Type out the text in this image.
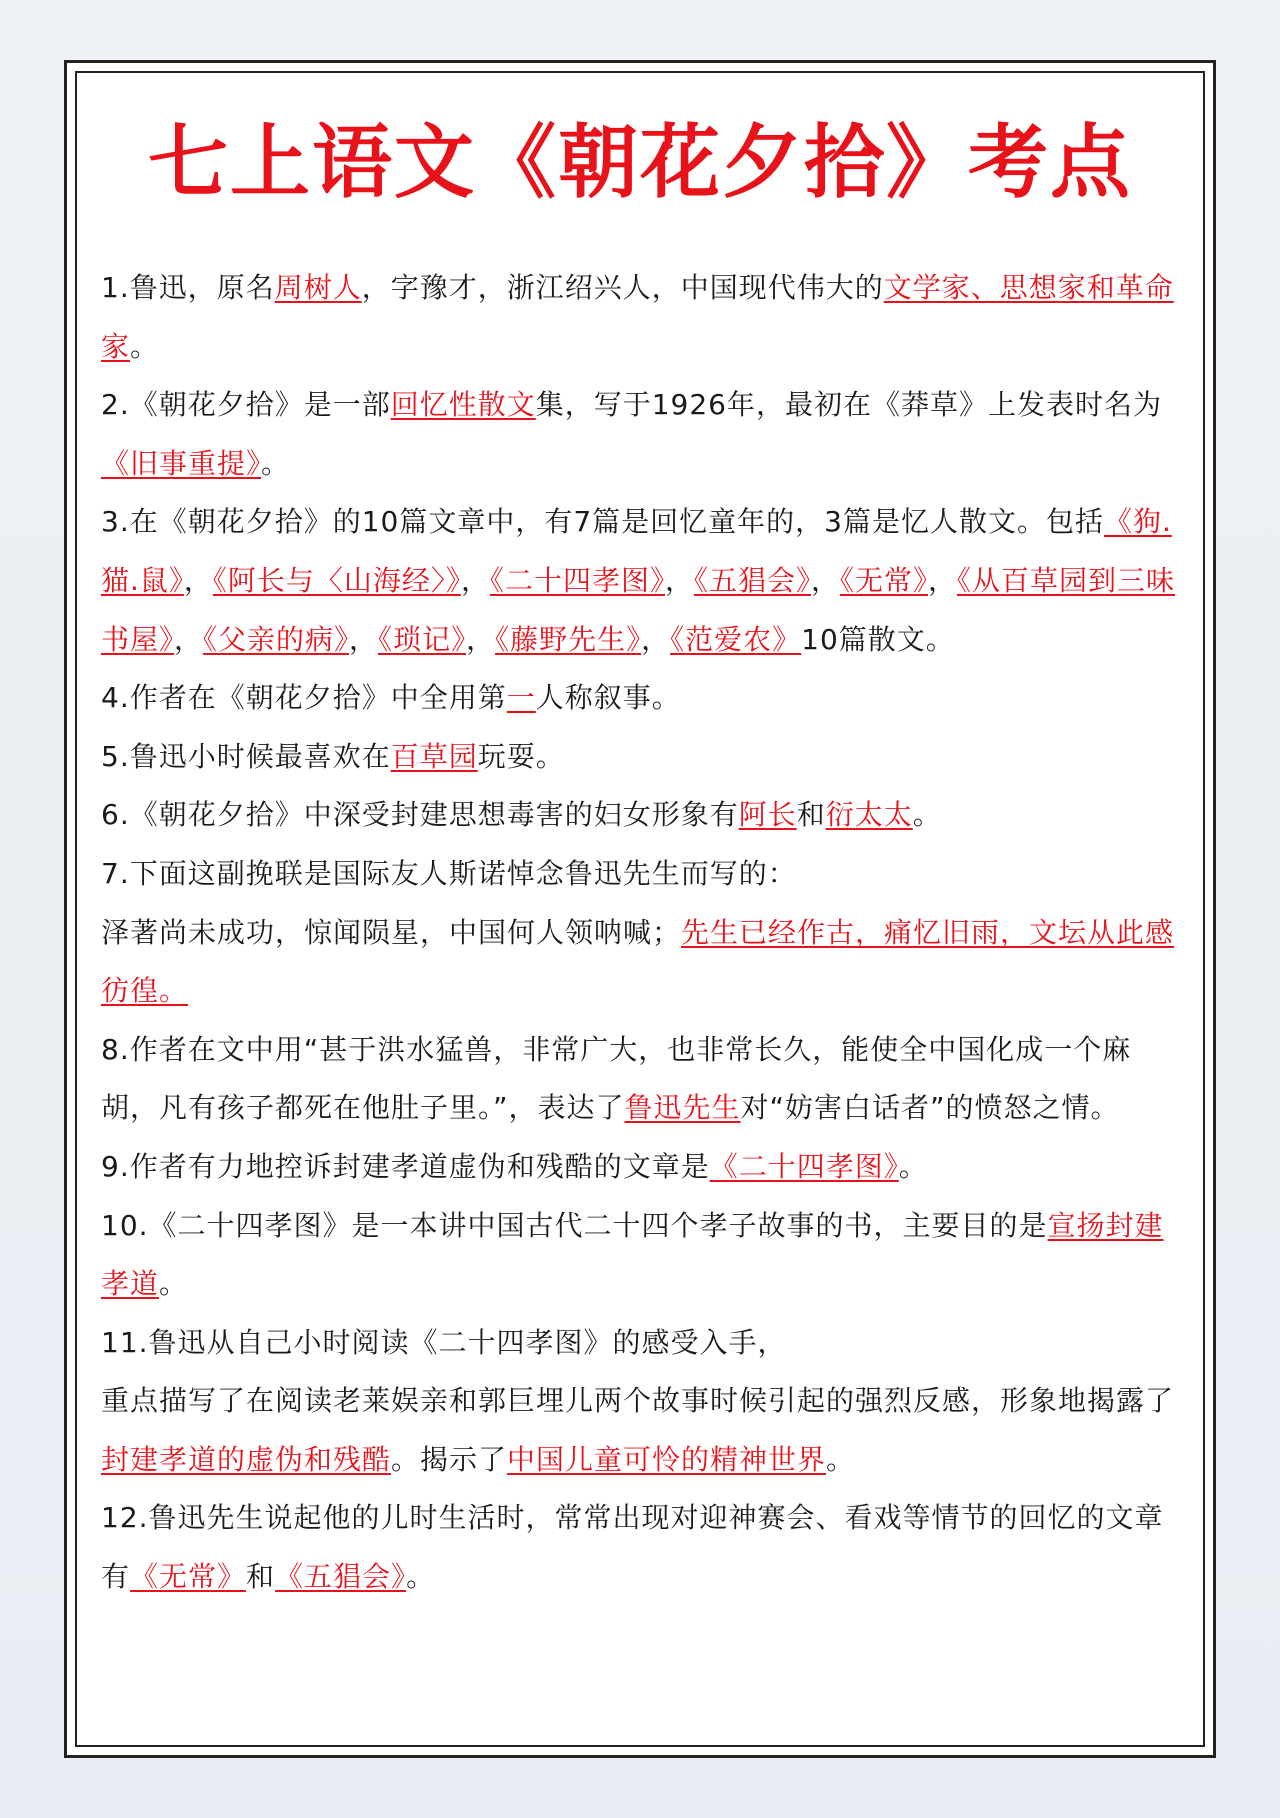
七上语文《朝花夕拾》考点

1.鲁迅，原名周树人，字豫才，浙江绍兴人，中国现代伟大的文学家、思想家和革命家。

2.《朝花夕拾》是一部回忆性散文集，写于1926年，最初在《莽草》上发表时名为《旧事重提》。

3.在《朝花夕拾》的10篇文章中，有7篇是回忆童年的，3篇是忆人散文。包括《狗.猫.鼠》，《阿长与〈山海经〉》，《二十四孝图》，《五猖会》，《无常》，《从百草园到三味书屋》，《父亲的病》，《琐记》，《藤野先生》，《范爱农》10篇散文。

4.作者在《朝花夕拾》中全用第一人称叙事。

5.鲁迅小时候最喜欢在百草园玩耍。

6.《朝花夕拾》中深受封建思想毒害的妇女形象有阿长和衍太太。

7.下面这副挽联是国际友人斯诺悼念鲁迅先生而写的：
泽著尚未成功，惊闻陨星，中国何人领呐喊；先生已经作古，痛忆旧雨，文坛从此感彷徨。

8.作者在文中用“甚于洪水猛兽，非常广大，也非常长久，能使全中国化成一个麻胡，凡有孩子都死在他肚子里。”，表达了鲁迅先生对“妨害白话者”的愤怒之情。

9.作者有力地控诉封建孝道虚伪和残酷的文章是《二十四孝图》。

10.《二十四孝图》是一本讲中国古代二十四个孝子故事的书，主要目的是宣扬封建孝道。

11.鲁迅从自己小时阅读《二十四孝图》的感受入手，
重点描写了在阅读老莱娱亲和郭巨埋儿两个故事时候引起的强烈反感，形象地揭露了封建孝道的虚伪和残酷。揭示了中国儿童可怜的精神世界。

12.鲁迅先生说起他的儿时生活时，常常出现对迎神赛会、看戏等情节的回忆的文章有《无常》和《五猖会》。
